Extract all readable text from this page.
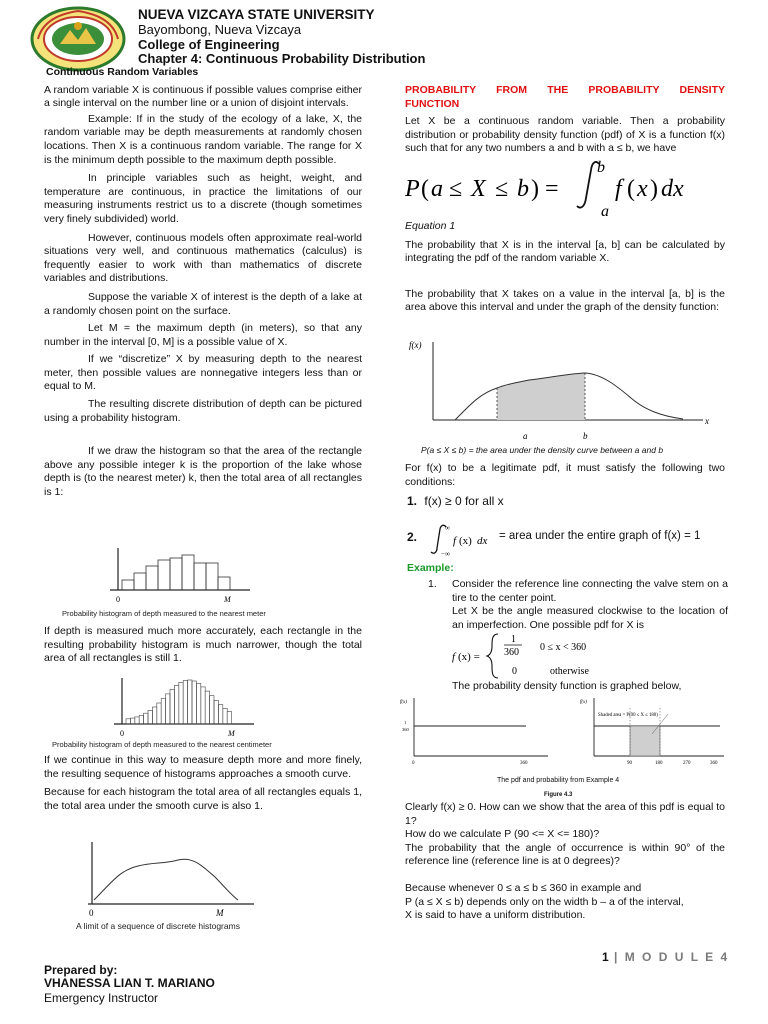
NUEVA VIZCAYA STATE UNIVERSITY
Bayombong, Nueva Vizcaya
College of Engineering
Chapter 4: Continuous Probability Distribution
Continuous Random Variables

A random variable X is continuous if possible values comprise either a single interval on the number line or a union of disjoint intervals.

Example: If in the study of the ecology of a lake, X, the random variable may be depth measurements at randomly chosen locations. Then X is a continuous random variable. The range for X is the minimum depth possible to the maximum depth possible.

In principle variables such as height, weight, and temperature are continuous, in practice the limitations of our measuring instruments restrict us to a discrete (though sometimes very finely subdivided) world.

However, continuous models often approximate real-world situations very well, and continuous mathematics (calculus) is frequently easier to work with than mathematics of discrete variables and distributions.

Suppose the variable X of interest is the depth of a lake at a randomly chosen point on the surface.

Let M = the maximum depth (in meters), so that any number in the interval [0, M] is a possible value of X.

If we “discretize” X by measuring depth to the nearest meter, then possible values are nonnegative integers less than or equal to M.

The resulting discrete distribution of depth can be pictured using a probability histogram.

If we draw the histogram so that the area of the rectangle above any possible integer k is the proportion of the lake whose depth is (to the nearest meter) k, then the total area of all rectangles is 1:

0	M
Probability histogram of depth measured to the nearest meter

If depth is measured much more accurately, each rectangle in the resulting probability histogram is much narrower, though the total area of all rectangles is still 1.

0	M
Probability histogram of depth measured to the nearest centimeter

If we continue in this way to measure depth more and more finely, the resulting sequence of histograms approaches a smooth curve.

Because for each histogram the total area of all rectangles equals 1, the total area under the smooth curve is also 1.

0	M
A limit of a sequence of discrete histograms

PROBABILITY FROM THE PROBABILITY DENSITY FUNCTION

Let X be a continuous random variable. Then a probability distribution or probability density function (pdf) of X is a function f(x) such that for any two numbers a and b with a ≤ b, we have

P ( a ≤ X ≤ b ) =
b
a
f ( x ) dx
Equation 1

The probability that X is in the interval [a, b] can be calculated by integrating the pdf of the random variable X.

The probability that X takes on a value in the interval [a, b] is the area above this interval and under the graph of the density function:

f(x)
x
a	b
P(a ≤ X ≤ b) = the area under the density curve between a and b

For f(x) to be a legitimate pdf, it must satisfy the following two conditions:

1. f(x) ≥ 0 for all x
2.
∞
−∞
f (x) dx = area under the entire graph of f(x) = 1
Example:
1. Consider the reference line connecting the valve stem on a tire to the center point.

Let X be the angle measured clockwise to the location of an imperfection. One possible pdf for X is

f (x) =
1
360 0 ≤ x < 360
0	otherwise
The probability density function is graphed below,
f(x)
1
360
0	360
f(x)
Shaded area = P(90 ≤ X ≤ 180)
90	180	270	360
The pdf and probability from Example 4
Figure 4.3

Clearly f(x) ≥ 0. How can we show that the area of this pdf is equal to 1?

How do we calculate P (90 <= X <= 180)?

The probability that the angle of occurrence is within 90° of the reference line (reference line is at 0 degrees)?

Because whenever 0 ≤ a ≤ b ≤ 360 in example and

P (a ≤ X ≤ b) depends only on the width b – a of the interval,

X is said to have a uniform distribution.

1 | M O D U L E 4
Prepared by:
VHANESSA LIAN T. MARIANO
Emergency Instructor
